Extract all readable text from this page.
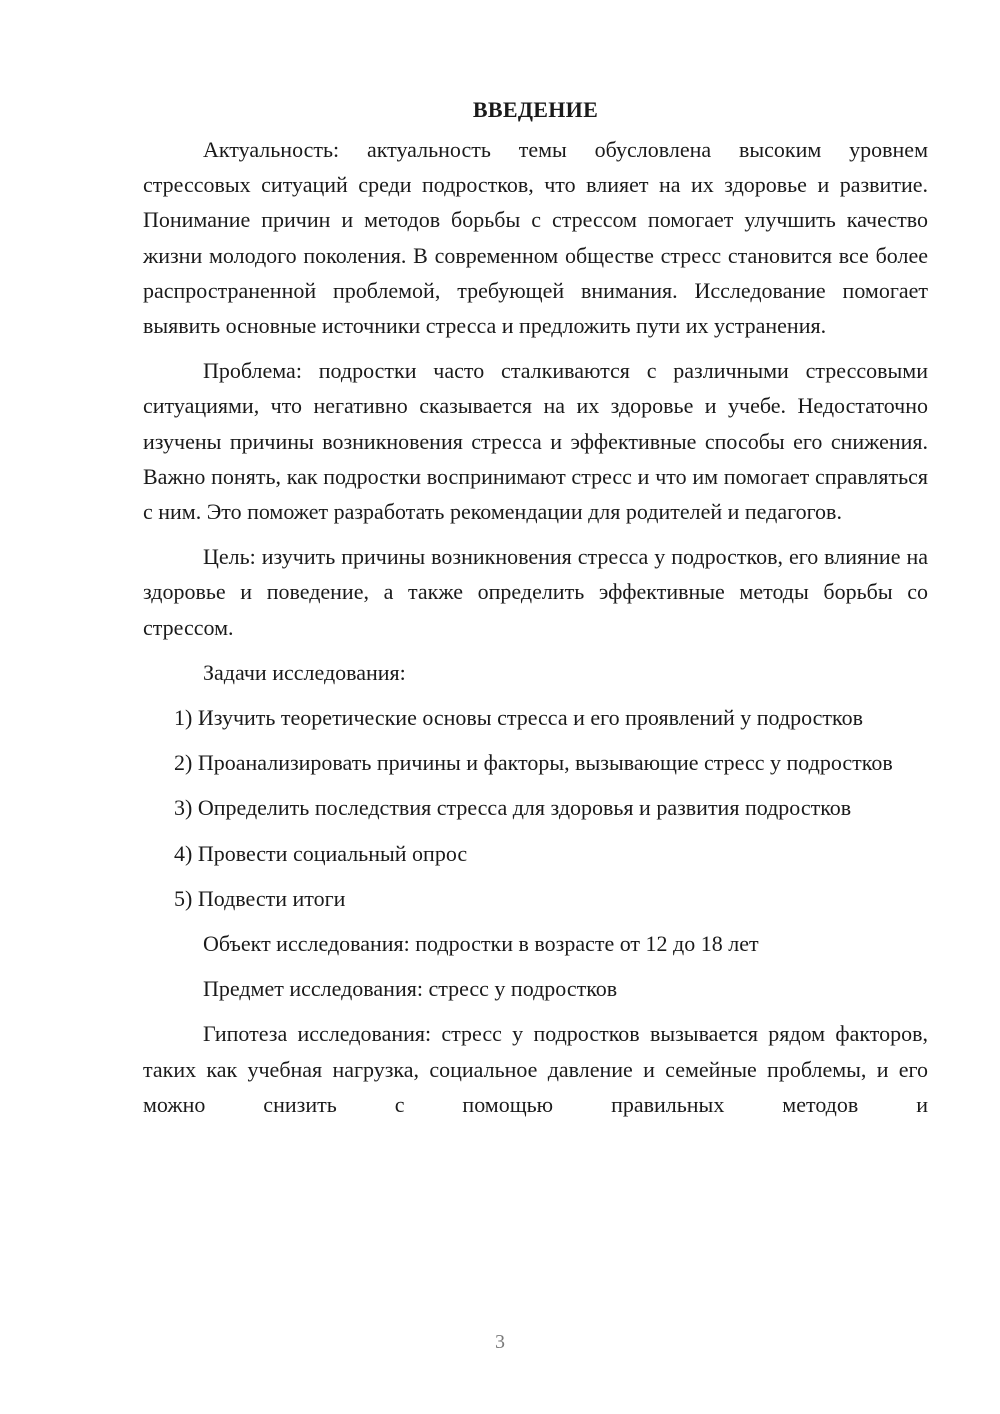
ВВЕДЕНИЕ

Актуальность: актуальность темы обусловлена высоким уровнем стрессовых ситуаций среди подростков, что влияет на их здоровье и развитие. Понимание причин и методов борьбы с стрессом помогает улучшить качество жизни молодого поколения. В современном обществе стресс становится все более распространенной проблемой, требующей внимания. Исследование помогает выявить основные источники стресса и предложить пути их устранения.

Проблема: подростки часто сталкиваются с различными стрессовыми ситуациями, что негативно сказывается на их здоровье и учебе. Недостаточно изучены причины возникновения стресса и эффективные способы его снижения. Важно понять, как подростки воспринимают стресс и что им помогает справляться с ним. Это поможет разработать рекомендации для родителей и педагогов.

Цель: изучить причины возникновения стресса у подростков, его влияние на здоровье и поведение, а также определить эффективные методы борьбы со стрессом.

Задачи исследования:

1) Изучить теоретические основы стресса и его проявлений у подростков

2) Проанализировать причины и факторы, вызывающие стресс у подростков

3) Определить последствия стресса для здоровья и развития подростков

4) Провести социальный опрос

5) Подвести итоги

Объект исследования: подростки в возрасте от 12 до 18 лет

Предмет исследования: стресс у подростков

Гипотеза исследования: стресс у подростков вызывается рядом факторов, таких как учебная нагрузка, социальное давление и семейные проблемы, и его можно снизить с помощью правильных методов и

3
